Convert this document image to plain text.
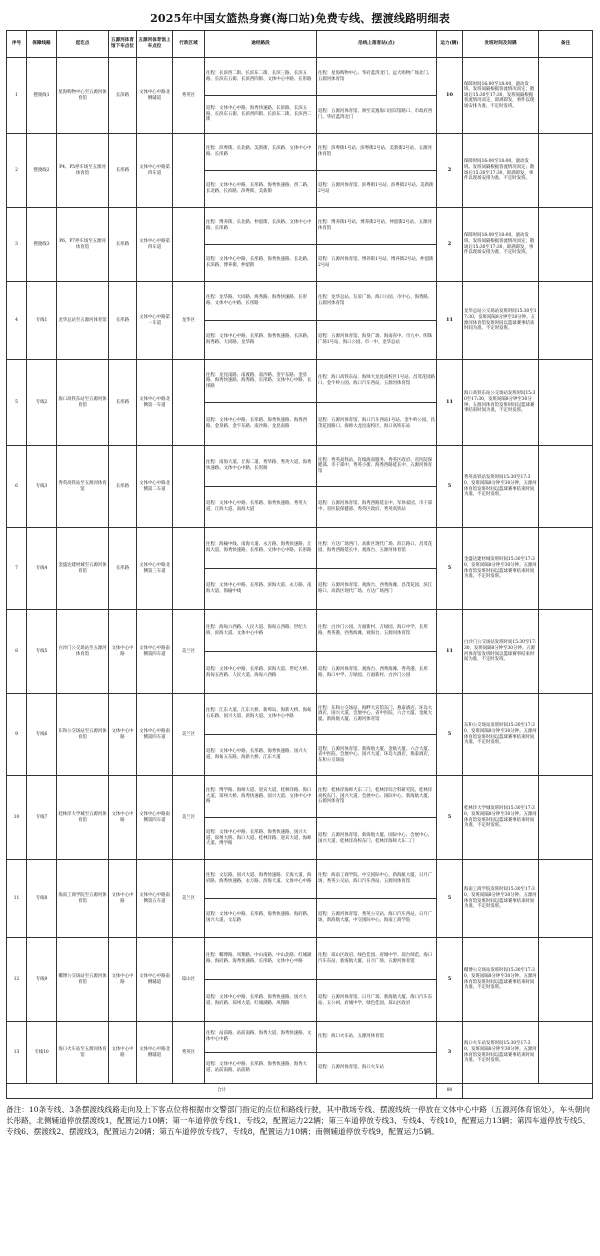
2025年中国女篮热身赛(海口站)免费专线、摆渡线路明细表
序号	保障线路	起讫点	五源河体育馆下车点位	五源河体育馆上车点位	行政区域	途经路段	沿线上落客站(点)	运力(辆)	发班时间及间隔	备注
1	摆渡线1	星海购物中心至五源河体育馆	长滨路	文体中心中路北侧辅道	秀英区	往程：长滨西二街、长滨东二街、长滨三路、长滨五路、长滨东五街、长滨西四街、文体中心中路、长彤路	往程：星海购物中心、华府蓝湾北门、远大购物广场北门、五源河体育馆	10	保障时间16:00至18:00，滚动发班。发班间隔根据客流情况而定；散场后15:30至17:30，发班间隔根据客流情况而定，即满即发，事件以现场安排为准，不定时发班。	
						返程：文体中心中路、海秀快速路、长滨路、长滨五路、长滨东五街、长滨西四街、长滨东二街、长滨西二街	返程：五源河体育馆、洲至美逸海口国宾馆路口、市政府西门、华府蓝湾北门			
2	摆渡线2	P4、P5停车场至五源河体育馆	长彤路	文体中心中路第四车道		往程：滨粤街、长北路、美新街、长滨路、文体中心中路、长彤路	往程：滨粤街1号站、滨粤街2号站、美新街2号站、五源河体育馆	2	保障时间16:00至18:00，滚动发班。发班间隔根据客流情况而定；散场后15:30至17:30，即满即发，事件以现场安排为准，不定时发班。	
						返程：文体中心中路、长彤路、海秀快速路、西二路、长北路、长滨路、滨粤街、美新街	返程：五源河体育馆、滨粤街1号站、滨粤街2号站、美新街2号站			
3	摆渡线3	P6、P7停车场至五源河体育馆	长彤路	文体中心中路第四车道		往程：博养街、长北路、仲韶街、长滨路、文体中心中路、长彤路	往程：博养街1号站、博养街2号站、仲韶街2号站、五源河体育馆	2	保障时间16:00至18:00，滚动发班。发班间隔根据客流情况而定；散场后15:30至17:30，即满即发，事件以现场安排为准，不定时发班。	
						返程：文体中心中路、长彤路、海秀快速路、长北路、长滨路、博养街、仲韶街	返程：五源河体育馆、博养街1号站、博养街2号站、仲韶街2号站			
4	专线1	龙华总站至五源河体育馆	长彤路	文体中心中路第一车道	龙华区	往程：龙华路、大同路、海秀路、海秀快速路、长彤路、文体中心中路、长彤路	往程：龙华总站、友谊广场、海口公园、市中心、海秀路、五源河体育馆	11	龙华总站公交场站发班时间15:30至17:30，发班间隔8分钟至30分钟。五源河体育馆发班时间以篮球赛事结束时间为准，不定时发班。	
						返程：文体中心中路、长彤路、海秀快速路、长滨路、海秀路、大同路、龙华路	返程：五源河体育馆、海垦广场、海南省中、市九中、明珠广场1号站、海口公园、市一中、龙华总站			
5	专线2	海口高铁东站至五源河体育馆	长彤路	文体中心中路北侧第一车道		往程：龙昆南路、南渡路、南沙路、金宇东路、金垦路、海秀快速路、海秀路、长彤路、文体中心中路、长彤路	往程：海口高铁东站、海师大龙昆南校区1号站、昌茂花园路口、金牛岭公园、海口汽车西站、五源河体育馆	11	海口高铁东站公交场站发班时间15:30至17:30，发班间隔8分钟至30分钟。五源河体育馆发班时间以篮球赛事结束时间为准，不定时发班。	
						返程：文体中心中路、长彤路、海秀快速路、海秀西路、金垦路、金宇东路、南沙路、龙昆南路	返程：五源河体育馆、海口汽车西站1号站、金牛岭公园、昌茂花园路口、海师大龙昆南校区、海口高铁东站			
6	专线3	秀英高铁站至五源河体育馆	长彤路	文体中心中路北侧第二车道		往程：南海大道、丘海二道、秀华路、秀英大道、海秀快速路、文体中心中路、长彤路	往程：秀英高铁站、有线海南服务、秀英区政府、省医院保健部、市干部中、秀英小街、海秀西路延长中、五源河体育馆	5	秀英高铁站发班时间15:30至17:30，发班间隔8分钟至30分钟，五源河体育馆发班时间以篮球赛事结束时间为准，不定时发班。	
						返程：文体中心中路、长彤路、海秀快速路、秀英大道、丘海大道、南海大道	返程：五源河体育馆、海秀西路延长中、军休家园、市干部中、省医院保健部、秀英区政府、秀英高铁站			
7	专线4	金盛达建材城至五源河体育馆	长彤路	文体中心中路北侧第三车道		往程：海榆中线、南海大道、永万路、海秀快速路、丘海大道、海秀快速路、长彤路、文体中心中路、长彤路	往程：方达广场西门、高新区现代广场、滨江路口、昌茂花园、海秀西路延长中、观海台、五源河体育馆	5	金盛达建材城发班时间15:30至17:30，发班间隔8分钟至30分钟。五源河体育馆发班时间以篮球赛事结束时间为准，不定时发班。	
						返程：文体中心中路、长彤路、滨海大道、永万路、南海大道、海榆中线	返程：五源河体育馆、观海台、西秀海滩、昌茂花园、滨江路口、高新区现代广场、方达广场西门			
8	专线5	白沙门公交场站至五源河体育馆	文体中心中路	文体中心中路南侧第四车道	美兰区	往程：海甸六西路、人民大道、海甸五西路、世纪大桥、滨海大道、文体中心中路	往程：白沙门公园、万福新村、万绿园、海口中学、长彤路、秀英港、西秀海滩、观海台、五源河体育馆	11	白沙门公交场站发班时间15:30至17:30，发班间隔8分钟至30分钟。五源河体育馆发班时间以篮球赛事结束时间为准，不定时发班。	
						返程：文体中心中路、长彤路、滨海大道、世纪大桥、海甸五西路、人民大道、海甸六西路	返程：五源河体育馆、观海台、西秀海滩、秀英港、长彤路、海口中学、万绿园、万福新村、白沙门公园			
9	专线6	东和公交场站至五源河体育馆	文体中心中路	文体中心中路南侧第四车道	美兰区	往程：江东大道、江东大桥、新埠岛、海新大桥、海甸五东路、国兴大道、滨海大道、文体中心中路	往程：东和公交场站、海畔大宾馆东门、燕泰酒店、环岛大酒店、国兴大道、会展中心、省中医院、六合大厦、金航大厦、新海航大厦、五源河体育馆	5	东和公交场站发班时间15:30至17:30，发班间隔8分钟至30分钟。五源河体育馆发班时间以篮球赛事结束时间为准，不定时发班。	
						返程：文体中心中路、长彤路、海秀快速路、国兴大道、海甸五东路、海新大桥、江东大道	返程：五源河体育馆、新海航大厦、金航大厦、六合大厦、省中医院、会展中心、国兴大道、环岛大酒店、燕泰酒店、东和公交场站			
10	专线7	桂林洋大学城至五源河体育馆	文体中心中路	文体中心中路南侧第四车道	美兰区	往程：博学路、海师大道、迎宾大道、桂林洋路、海口大道、琼州大桥、海秀快速路、国兴大道、文体中心中路	往程：桂林洋海师大东二门、桂林洋综合科研究院、桂林洋高校东门、国兴大道、会展中心、国际中心、新海航大厦、五源河体育馆	5	桂林洋大学城发班时间15:30至17:30，发班间隔8分钟至30分钟。五源河体育馆发班时间以篮球赛事结束时间为准，不定时发班。	
						返程：文体中心中路、长彤路、海秀快速路、国兴大道、琼州大桥、海口大道、桂林洋路、迎宾大道、海师大道、博学路	返程：五源河体育馆、新海航大厦、国际中心、会展中心、国兴大道、桂林洋高校东门、桂林洋海师大东二门			
11	专线8	海南工商学院至五源河体育馆	文体中心中路	文体中心中路南侧第五车道	美兰区	往程：文坛路、国兴大道、海秀快速路、丘海大道、海府路、海秀快速路、永万路、滨海大道、文体中心中路	往程：海南工商学院、中交国际中心、新海航大厦、日月广场、秀英公交站、海口汽车西站、五源河体育馆	5	海南工商学院发班时间15:30至17:30，发班间隔8分钟至30分钟。五源河体育馆发班时间以篮球赛事结束时间为准，不定时发班。	
						返程：文体中心中路、长彤路、海秀快速路、海府路、国兴大道、文坛路	返程：五源河体育馆、秀英公交站、海口汽车西站、日月广场、新海航大厦、中交国际中心、海南工商学院			
12	专线9	椰博公交场站至五源河体育馆	文体中心中路	文体中心中路南侧辅道	琼山区	往程：椰博路、凤翔路、中山南路、中山北路、红城湖路、海府路、海秀快速路、长彤路、文体中心中路	往程：琼山区政府、绿色佳园、府城中学、琼台师范、海口汽车东站、新海航大厦、日月广场、五源河体育馆	5	椰博公交场站发班时间15:30至17:30，发班间隔8分钟至30分钟。五源河体育馆发班时间以篮球赛事结束时间为准，不定时发班。	
						返程：文体中心中路、长彤路、海秀快速路、国兴大道、海府路、琼州大道、红城湖路、凤翔路	返程：五源河体育馆、日月广场、新海航大厦、海口汽车东站、五公祠、府城中学、绿色佳园、琼山区政府			
13	专线10	海口火车站至五源河体育馆	文体中心中路	文体中心中路北侧辅道	秀英区	往程：站前路、站前南路、海秀大道、海秀快速路、文体中心中路	往程：海口火车站、五源河体育馆	3	海口火车站发班时间15:30至17:30，发班间隔8分钟至30分钟。五源河体育馆发班时间以篮球赛事结束时间为准，不定时发班。	
						返程：文体中心中路、长彤路、海秀快速路、海秀大道、站前南路、站前路	返程：五源河体育馆、海口火车站			
合计								80		
备注：10条专线、3条摆渡线线路走向及上下客点位将根据市交警部门指定的点位和路线行驶，其中散场专线、摆渡线统一停放在文体中心中路（五源河体育馆处），车头朝向长彤路，北侧辅道停放摆渡线1，配置运力10辆；第一车道停放专线1、专线2，配置运力22辆；第三车道停放专线3、专线4、专线10，配置运力13辆；第四车道停放专线5、专线6、摆渡线2、摆渡线3，配置运力20辆；第五车道停放专线7、专线8，配置运力10辆；南侧辅道停放专线9，配置运力5辆。
